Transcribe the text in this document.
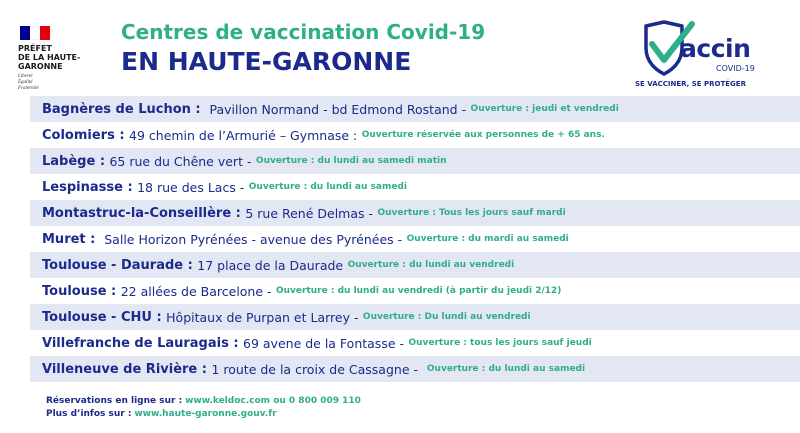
PRÉFET
DE LA HAUTE-
GARONNE
Liberté
Égalité
Fraternité
Centres de vaccination Covid-19
EN HAUTE-GARONNE	accin
COVID-19
SE VACCINER, SE PROTÉGER
Bagnères de Luchon :
Pavillon Normand - bd Edmond Rostand -
Ouverture : jeudi et vendredi
Colomiers :
49 chemin de l’Armurié – Gymnase :
Ouverture réservée aux personnes de + 65 ans.
Labège :
65 rue du Chêne vert -
Ouverture : du lundi au samedi matin
Lespinasse :
18 rue des Lacs -
Ouverture : du lundi au samedi
Montastruc-la-Conseillère :
5 rue René Delmas -
Ouverture : Tous les jours sauf mardi
Muret :
Salle Horizon Pyrénées - avenue des Pyrénées -
Ouverture : du mardi au samedi
Toulouse - Daurade :
17 place de la Daurade
Ouverture : du lundi au vendredi
Toulouse :
22 allées de Barcelone -
Ouverture : du lundi au vendredi (à partir du jeudi 2/12)
Toulouse - CHU :
Hôpitaux de Purpan et Larrey -
Ouverture : Du lundi au vendredi
Villefranche de Lauragais :
69 avene de la Fontasse -
Ouverture : tous les jours sauf jeudi
Villeneuve de Rivière :
1 route de la croix de Cassagne -
Ouverture : du lundi au samedi
Réservations en ligne sur : www.keldoc.com ou 0 800 009 110
Plus d’infos sur : www.haute-garonne.gouv.fr
